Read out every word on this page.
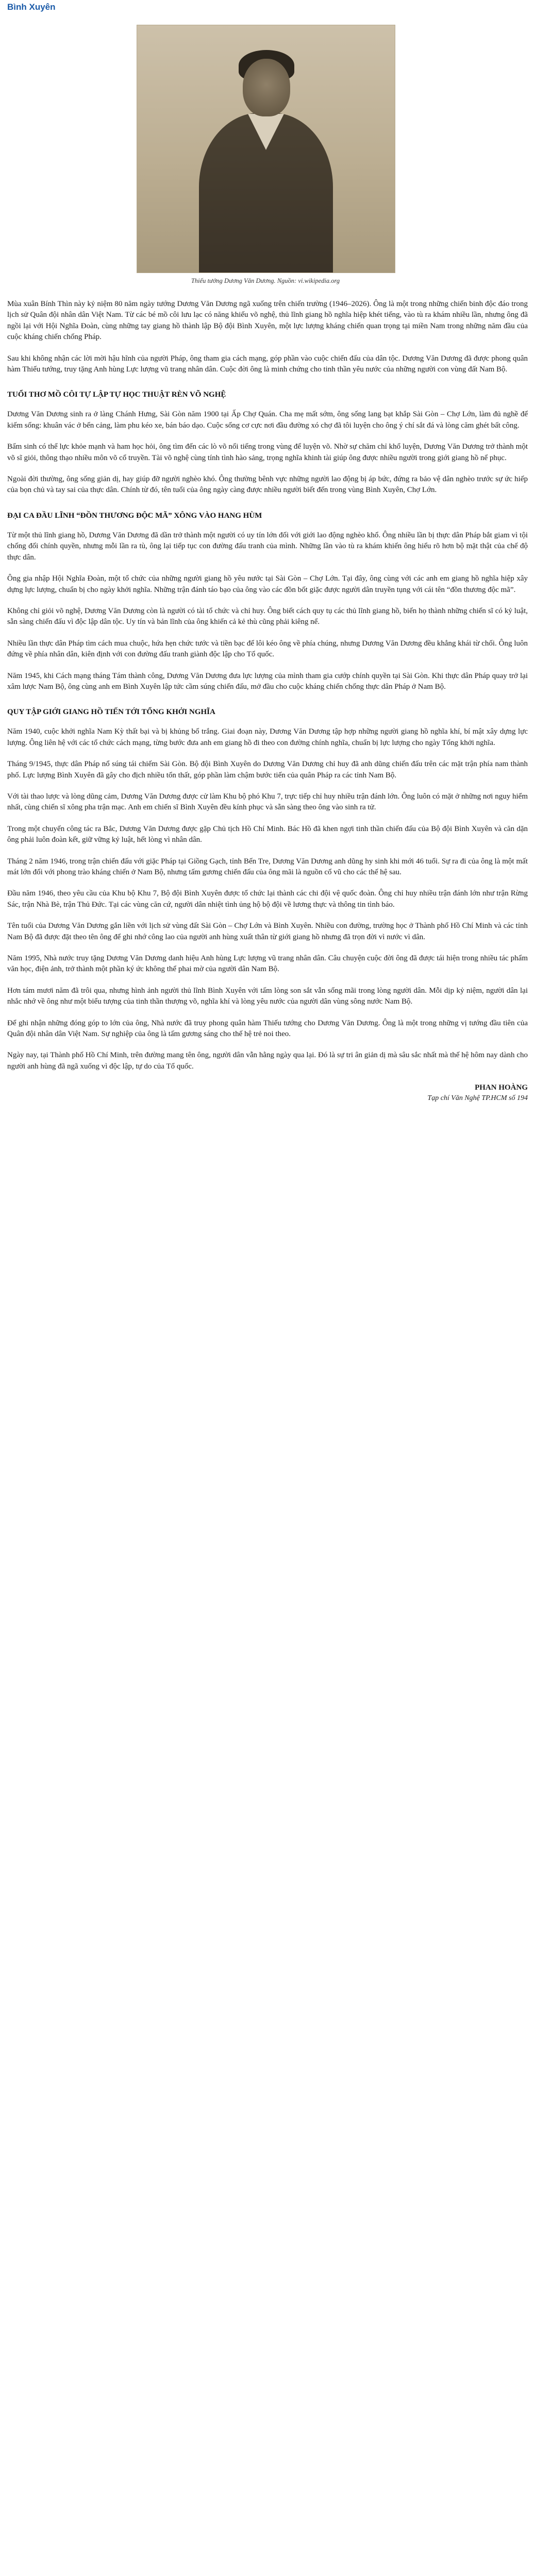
Bình Xuyên
Thiếu tướng Dương Văn Dương. Nguồn: vi.wikipedia.org

Mùa xuân Bính Thìn này kỷ niệm 80 năm ngày tướng Dương Văn Dương ngã xuống trên chiến trường (1946–2026). Ông là một trong những chiến binh độc đáo trong lịch sử Quân đội nhân dân Việt Nam. Từ các bé mồ côi lưu lạc có năng khiếu võ nghệ, thủ lĩnh giang hồ nghĩa hiệp khét tiếng, vào tù ra khám nhiều lần, nhưng ông đã ngồi lại với Hội Nghĩa Đoàn, cùng những tay giang hồ thành lập Bộ đội Bình Xuyên, một lực lượng kháng chiến quan trọng tại miền Nam trong những năm đầu của cuộc kháng chiến chống Pháp.

Sau khi không nhận các lời mời hậu hĩnh của người Pháp, ông tham gia cách mạng, góp phần vào cuộc chiến đấu của dân tộc. Dương Văn Dương đã được phong quân hàm Thiếu tướng, truy tặng Anh hùng Lực lượng vũ trang nhân dân. Cuộc đời ông là minh chứng cho tinh thần yêu nước của những người con vùng đất Nam Bộ.

TUỔI THƠ MỒ CÔI TỰ LẬP TỰ HỌC THUẬT RÈN VÕ NGHỆ

Dương Văn Dương sinh ra ở làng Chánh Hưng, Sài Gòn năm 1900 tại Ấp Chợ Quán. Cha mẹ mất sớm, ông sống lang bạt khắp Sài Gòn – Chợ Lớn, làm đủ nghề để kiếm sống: khuân vác ở bến cảng, làm phu kéo xe, bán báo dạo. Cuộc sống cơ cực nơi đầu đường xó chợ đã tôi luyện cho ông ý chí sắt đá và lòng căm ghét bất công.

Bẩm sinh có thể lực khỏe mạnh và ham học hỏi, ông tìm đến các lò võ nổi tiếng trong vùng để luyện võ. Nhờ sự chăm chỉ khổ luyện, Dương Văn Dương trở thành một võ sĩ giỏi, thông thạo nhiều môn võ cổ truyền. Tài võ nghệ cùng tính tình hào sảng, trọng nghĩa khinh tài giúp ông được nhiều người trong giới giang hồ nể phục.

Ngoài đời thường, ông sống giản dị, hay giúp đỡ người nghèo khó. Ông thường bênh vực những người lao động bị áp bức, đứng ra bảo vệ dân nghèo trước sự ức hiếp của bọn chủ và tay sai của thực dân. Chính từ đó, tên tuổi của ông ngày càng được nhiều người biết đến trong vùng Bình Xuyên, Chợ Lớn.

ĐẠI CA ĐẦU LĨNH “ĐỒN THƯƠNG ĐỘC MÃ” XÔNG VÀO HANG HÙM

Từ một thủ lĩnh giang hồ, Dương Văn Dương đã dần trở thành một người có uy tín lớn đối với giới lao động nghèo khổ. Ông nhiều lần bị thực dân Pháp bắt giam vì tội chống đối chính quyền, nhưng mỗi lần ra tù, ông lại tiếp tục con đường đấu tranh của mình. Những lần vào tù ra khám khiến ông hiểu rõ hơn bộ mặt thật của chế độ thực dân.

Ông gia nhập Hội Nghĩa Đoàn, một tổ chức của những người giang hồ yêu nước tại Sài Gòn – Chợ Lớn. Tại đây, ông cùng với các anh em giang hồ nghĩa hiệp xây dựng lực lượng, chuẩn bị cho ngày khởi nghĩa. Những trận đánh táo bạo của ông vào các đồn bốt giặc được người dân truyền tụng với cái tên “đồn thương độc mã”.

Không chỉ giỏi võ nghệ, Dương Văn Dương còn là người có tài tổ chức và chỉ huy. Ông biết cách quy tụ các thủ lĩnh giang hồ, biến họ thành những chiến sĩ có kỷ luật, sẵn sàng chiến đấu vì độc lập dân tộc. Uy tín và bản lĩnh của ông khiến cả kẻ thù cũng phải kiêng nể.

Nhiều lần thực dân Pháp tìm cách mua chuộc, hứa hẹn chức tước và tiền bạc để lôi kéo ông về phía chúng, nhưng Dương Văn Dương đều khẳng khái từ chối. Ông luôn đứng về phía nhân dân, kiên định với con đường đấu tranh giành độc lập cho Tổ quốc.

Năm 1945, khi Cách mạng tháng Tám thành công, Dương Văn Dương đưa lực lượng của mình tham gia cướp chính quyền tại Sài Gòn. Khi thực dân Pháp quay trở lại xâm lược Nam Bộ, ông cùng anh em Bình Xuyên lập tức cầm súng chiến đấu, mở đầu cho cuộc kháng chiến chống thực dân Pháp ở Nam Bộ.

QUY TẬP GIỚI GIANG HỒ TIẾN TỚI TỔNG KHỞI NGHĨA

Năm 1940, cuộc khởi nghĩa Nam Kỳ thất bại và bị khủng bố trắng. Giai đoạn này, Dương Văn Dương tập hợp những người giang hồ nghĩa khí, bí mật xây dựng lực lượng. Ông liên hệ với các tổ chức cách mạng, từng bước đưa anh em giang hồ đi theo con đường chính nghĩa, chuẩn bị lực lượng cho ngày Tổng khởi nghĩa.

Tháng 9/1945, thực dân Pháp nổ súng tái chiếm Sài Gòn. Bộ đội Bình Xuyên do Dương Văn Dương chỉ huy đã anh dũng chiến đấu trên các mặt trận phía nam thành phố. Lực lượng Bình Xuyên đã gây cho địch nhiều tổn thất, góp phần làm chậm bước tiến của quân Pháp ra các tỉnh Nam Bộ.

Với tài thao lược và lòng dũng cảm, Dương Văn Dương được cử làm Khu bộ phó Khu 7, trực tiếp chỉ huy nhiều trận đánh lớn. Ông luôn có mặt ở những nơi nguy hiểm nhất, cùng chiến sĩ xông pha trận mạc. Anh em chiến sĩ Bình Xuyên đều kính phục và sẵn sàng theo ông vào sinh ra tử.

Trong một chuyến công tác ra Bắc, Dương Văn Dương được gặp Chủ tịch Hồ Chí Minh. Bác Hồ đã khen ngợi tinh thần chiến đấu của Bộ đội Bình Xuyên và căn dặn ông phải luôn đoàn kết, giữ vững kỷ luật, hết lòng vì nhân dân.

Tháng 2 năm 1946, trong trận chiến đấu với giặc Pháp tại Giồng Gạch, tỉnh Bến Tre, Dương Văn Dương anh dũng hy sinh khi mới 46 tuổi. Sự ra đi của ông là một mất mát lớn đối với phong trào kháng chiến ở Nam Bộ, nhưng tấm gương chiến đấu của ông mãi là nguồn cổ vũ cho các thế hệ sau.

Đầu năm 1946, theo yêu cầu của Khu bộ Khu 7, Bộ đội Bình Xuyên được tổ chức lại thành các chi đội vệ quốc đoàn. Ông chỉ huy nhiều trận đánh lớn như trận Rừng Sác, trận Nhà Bè, trận Thủ Đức. Tại các vùng căn cứ, người dân nhiệt tình ủng hộ bộ đội về lương thực và thông tin tình báo.

Tên tuổi của Dương Văn Dương gắn liền với lịch sử vùng đất Sài Gòn – Chợ Lớn và Bình Xuyên. Nhiều con đường, trường học ở Thành phố Hồ Chí Minh và các tỉnh Nam Bộ đã được đặt theo tên ông để ghi nhớ công lao của người anh hùng xuất thân từ giới giang hồ nhưng đã trọn đời vì nước vì dân.

Năm 1995, Nhà nước truy tặng Dương Văn Dương danh hiệu Anh hùng Lực lượng vũ trang nhân dân. Câu chuyện cuộc đời ông đã được tái hiện trong nhiều tác phẩm văn học, điện ảnh, trở thành một phần ký ức không thể phai mờ của người dân Nam Bộ.

Hơn tám mươi năm đã trôi qua, nhưng hình ảnh người thủ lĩnh Bình Xuyên với tấm lòng son sắt vẫn sống mãi trong lòng người dân. Mỗi dịp kỷ niệm, người dân lại nhắc nhớ về ông như một biểu tượng của tinh thần thượng võ, nghĩa khí và lòng yêu nước của người dân vùng sông nước Nam Bộ.

Để ghi nhận những đóng góp to lớn của ông, Nhà nước đã truy phong quân hàm Thiếu tướng cho Dương Văn Dương. Ông là một trong những vị tướng đầu tiên của Quân đội nhân dân Việt Nam. Sự nghiệp của ông là tấm gương sáng cho thế hệ trẻ noi theo.

Ngày nay, tại Thành phố Hồ Chí Minh, trên đường mang tên ông, người dân vẫn hằng ngày qua lại. Đó là sự tri ân giản dị mà sâu sắc nhất mà thế hệ hôm nay dành cho người anh hùng đã ngã xuống vì độc lập, tự do của Tổ quốc.

PHAN HOÀNG
Tạp chí Văn Nghệ TP.HCM số 194
